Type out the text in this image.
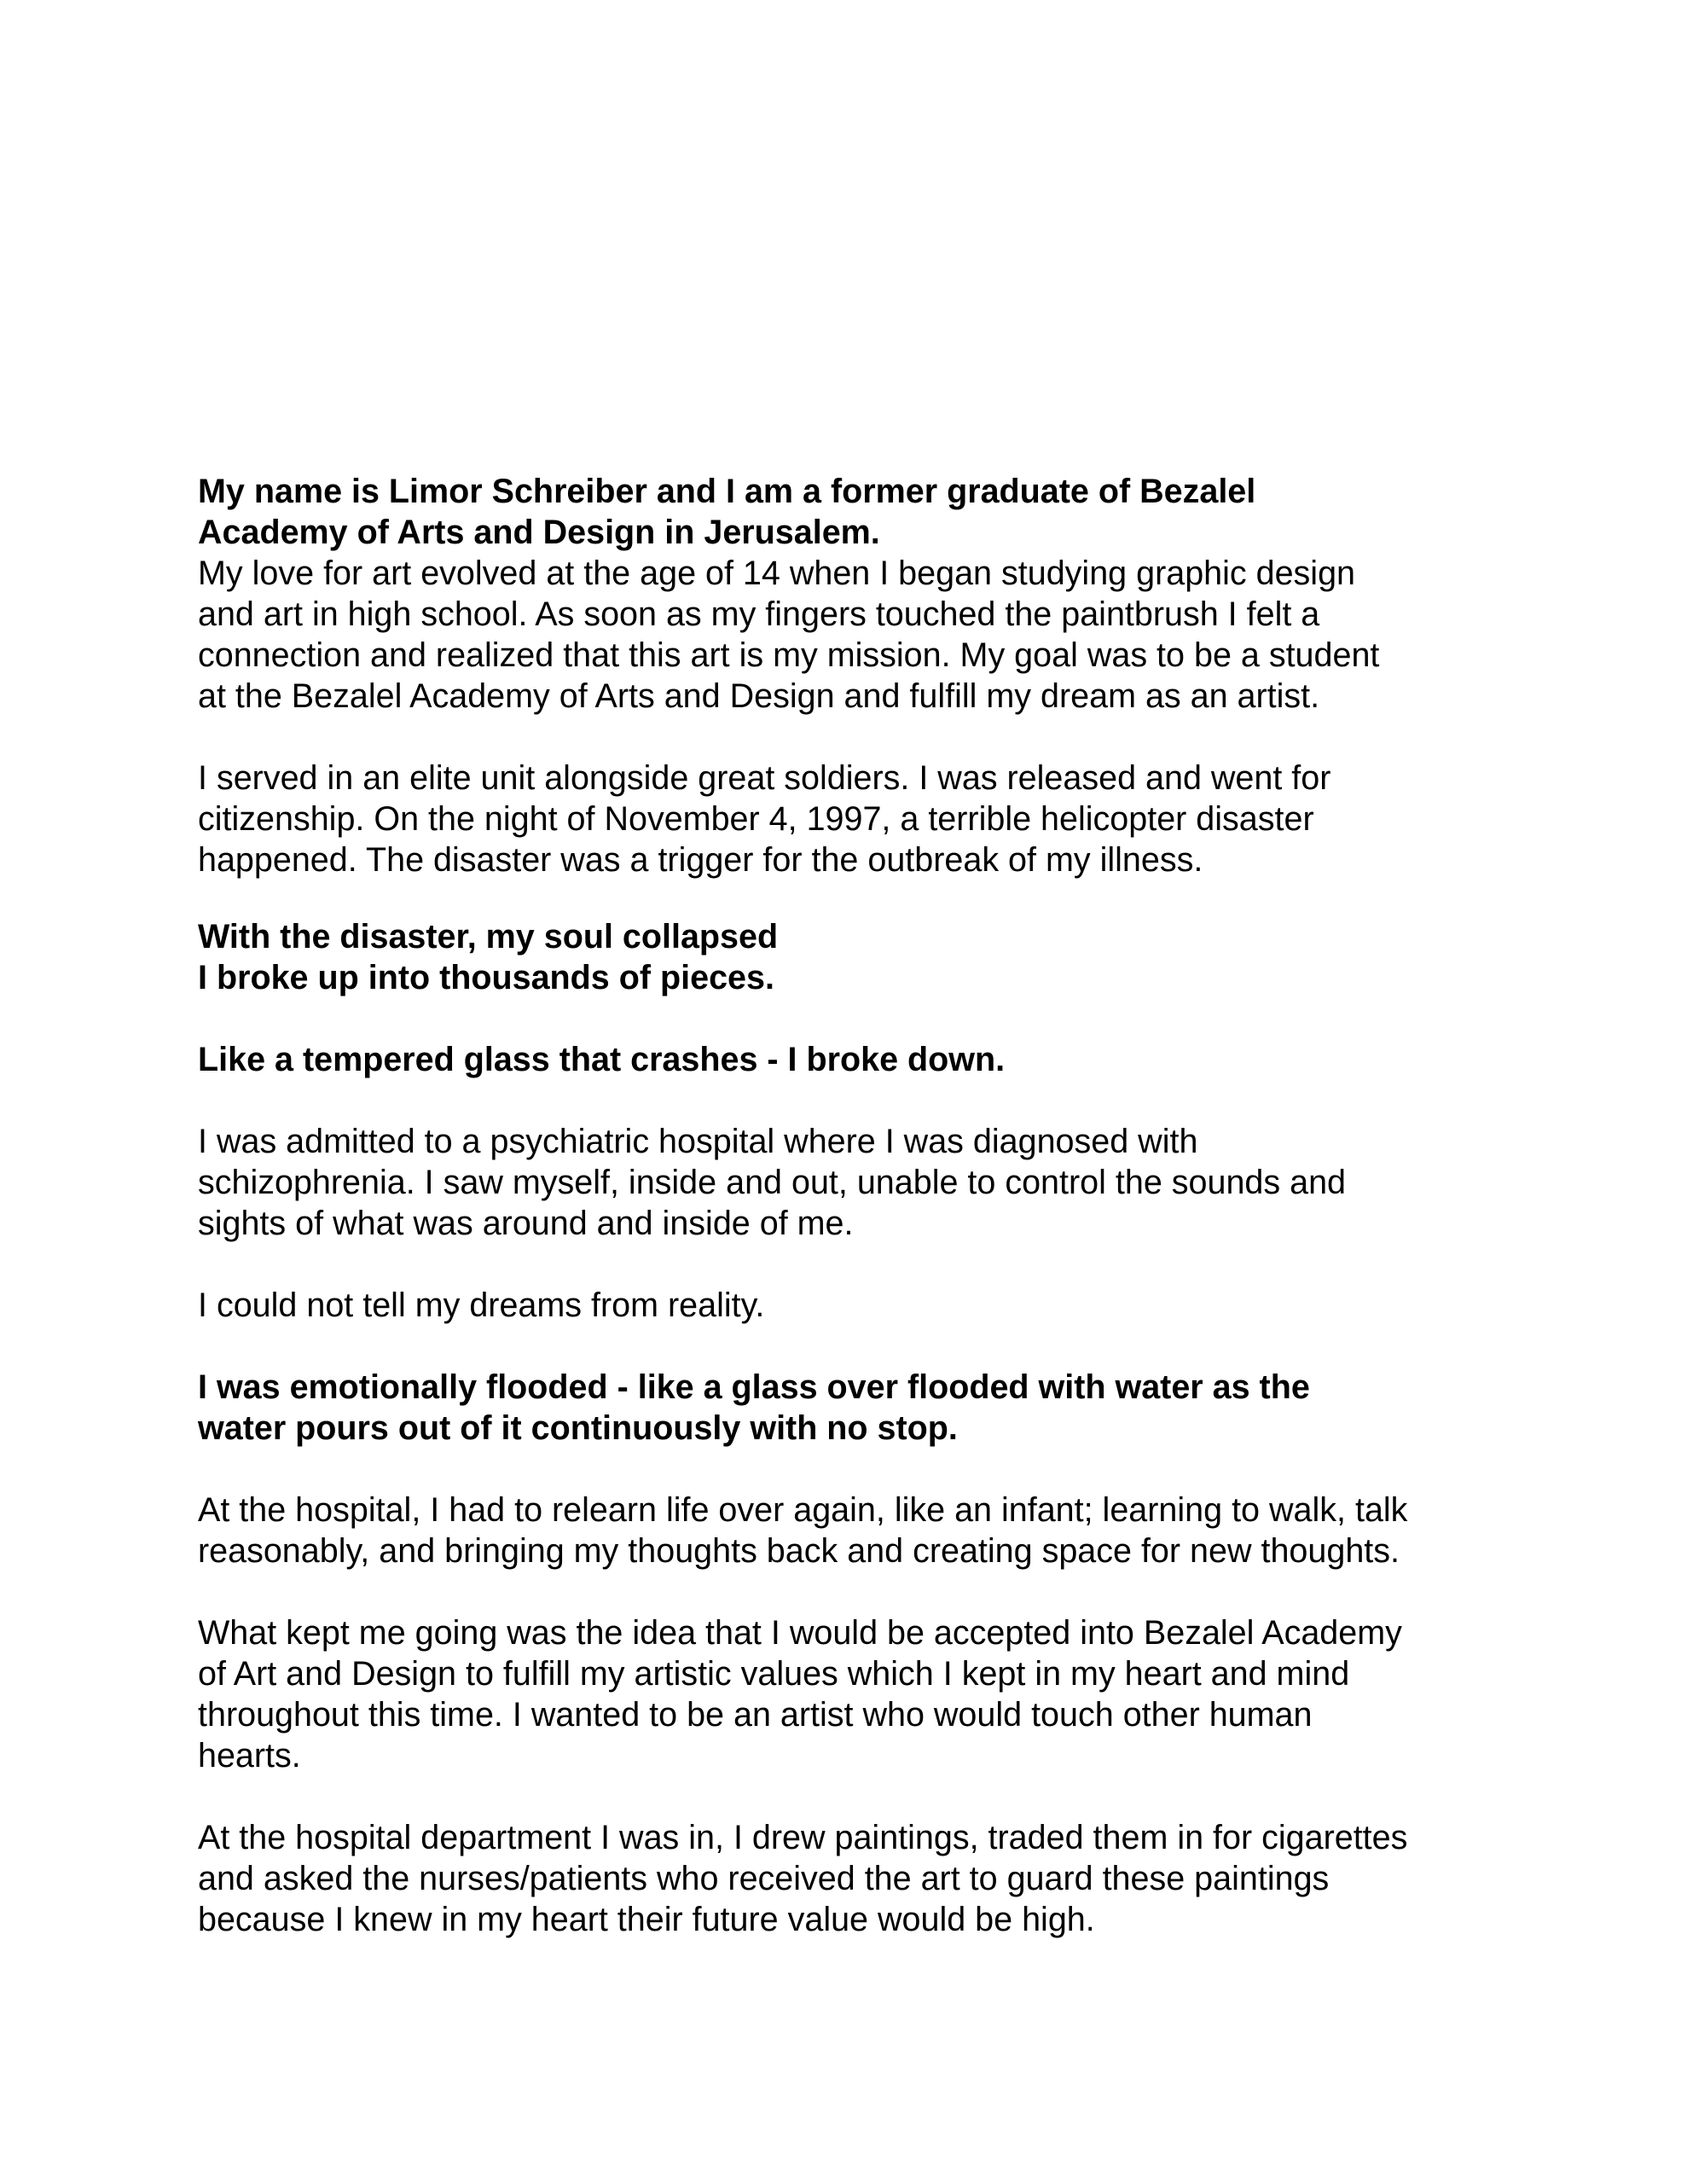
My name is Limor Schreiber and I am a former graduate of Bezalel
Academy of Arts and Design in Jerusalem.

My love for art evolved at the age of 14 when I began studying graphic design
and art in high school. As soon as my fingers touched the paintbrush I felt a
connection and realized that this art is my mission. My goal was to be a student
at the Bezalel Academy of Arts and Design and fulfill my dream as an artist.

I served in an elite unit alongside great soldiers. I was released and went for
citizenship. On the night of November 4, 1997, a terrible helicopter disaster
happened. The disaster was a trigger for the outbreak of my illness.

With the disaster, my soul collapsed
I broke up into thousands of pieces.

Like a tempered glass that crashes - I broke down.

I was admitted to a psychiatric hospital where I was diagnosed with
schizophrenia. I saw myself, inside and out, unable to control the sounds and
sights of what was around and inside of me.

I could not tell my dreams from reality.

I was emotionally flooded - like a glass over flooded with water as the
water pours out of it continuously with no stop.

At the hospital, I had to relearn life over again, like an infant; learning to walk, talk
reasonably, and bringing my thoughts back and creating space for new thoughts.

What kept me going was the idea that I would be accepted into Bezalel Academy
of Art and Design to fulfill my artistic values which I kept in my heart and mind
throughout this time. I wanted to be an artist who would touch other human
hearts.

At the hospital department I was in, I drew paintings, traded them in for cigarettes
and asked the nurses/patients who received the art to guard these paintings
because I knew in my heart their future value would be high.
